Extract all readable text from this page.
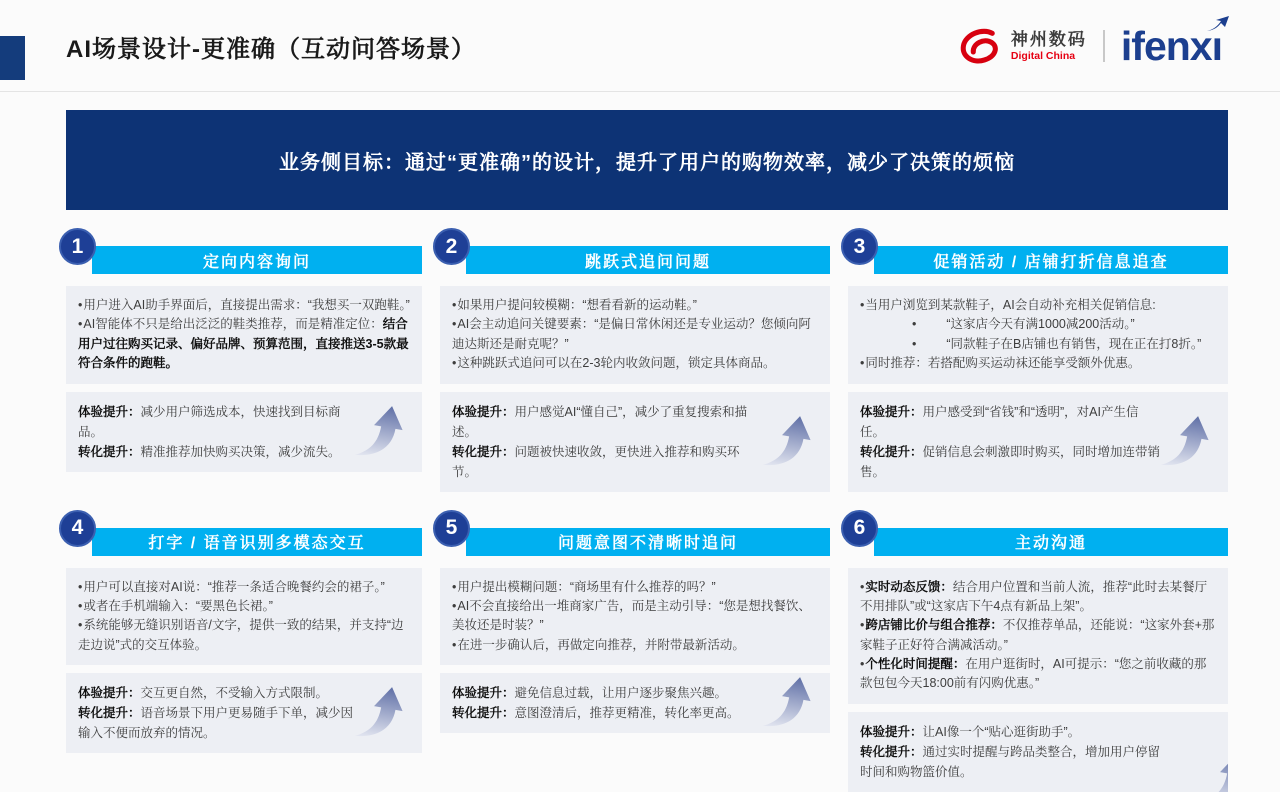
AI场景设计-更准确（互动问答场景）	神州数码
Digital China ifenxı
业务侧目标：通过“更准确”的设计，提升了用户的购物效率，减少了决策的烦恼
1
定向内容询问
•用户进入AI助手界面后，直接提出需求：“我想买一双跑鞋。”
•AI智能体不只是给出泛泛的鞋类推荐，而是精准定位：结合用户过往购买记录、偏好品牌、预算范围，直接推送3-5款最符合条件的跑鞋。
体验提升：减少用户筛选成本，快速找到目标商品。
转化提升：精准推荐加快购买决策，减少流失。
2
跳跃式追问问题
•如果用户提问较模糊：“想看看新的运动鞋。”
•AI会主动追问关键要素：“是偏日常休闲还是专业运动？您倾向阿迪达斯还是耐克呢？”
•这种跳跃式追问可以在2-3轮内收敛问题，锁定具体商品。
体验提升：用户感觉AI“懂自己”，减少了重复搜索和描述。
转化提升：问题被快速收敛，更快进入推荐和购买环节。
3
促销活动 / 店铺打折信息追查
•当用户浏览到某款鞋子，AI会自动补充相关促销信息:
• “这家店今天有满1000减200活动。”
• “同款鞋子在B店铺也有销售，现在正在打8折。”
•同时推荐：若搭配购买运动袜还能享受额外优惠。
体验提升：用户感受到“省钱”和“透明”，对AI产生信任。
转化提升：促销信息会刺激即时购买，同时增加连带销售。
4
打字 / 语音识别多模态交互
•用户可以直接对AI说：“推荐一条适合晚餐约会的裙子。”
•或者在手机端输入：“要黑色长裙。”
•系统能够无缝识别语音/文字，提供一致的结果，并支持“边走边说”式的交互体验。
体验提升：交互更自然，不受输入方式限制。
转化提升：语音场景下用户更易随手下单，减少因输入不便而放弃的情况。
5
问题意图不清晰时追问
•用户提出模糊问题：“商场里有什么推荐的吗？”
•AI不会直接给出一堆商家广告，而是主动引导：“您是想找餐饮、美妆还是时装？”
•在进一步确认后，再做定向推荐，并附带最新活动。
体验提升：避免信息过载，让用户逐步聚焦兴趣。
转化提升：意图澄清后，推荐更精准，转化率更高。
6
主动沟通
•实时动态反馈：结合用户位置和当前人流，推荐“此时去某餐厅不用排队”或“这家店下午4点有新品上架”。
•跨店铺比价与组合推荐：不仅推荐单品，还能说：“这家外套+那家鞋子正好符合满减活动。”
•个性化时间提醒：在用户逛街时，AI可提示：“您之前收藏的那款包包今天18:00前有闪购优惠。”
体验提升：让AI像一个“贴心逛街助手”。
转化提升：通过实时提醒与跨品类整合，增加用户停留时间和购物篮价值。
